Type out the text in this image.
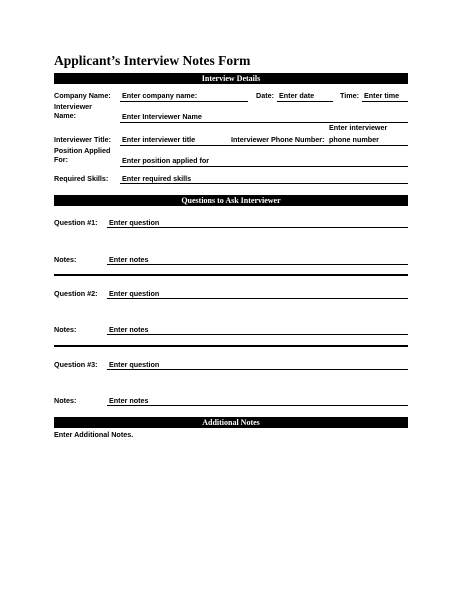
Applicant’s Interview Notes Form
Interview Details
Company Name: Enter company name:	Date: Enter date	Time: Enter time
Interviewer
Name:	Enter Interviewer Name
Interviewer Title: Enter interviewer title	Interviewer Phone Number:
Enter interviewer
phone number
Position Applied
For:	Enter position applied for
Required Skills: Enter required skills
Questions to Ask Interviewer
Question #1: Enter question
Notes:	Enter notes
Question #2: Enter question
Notes:	Enter notes
Question #3: Enter question
Notes:	Enter notes
Additional Notes
Enter Additional Notes.
